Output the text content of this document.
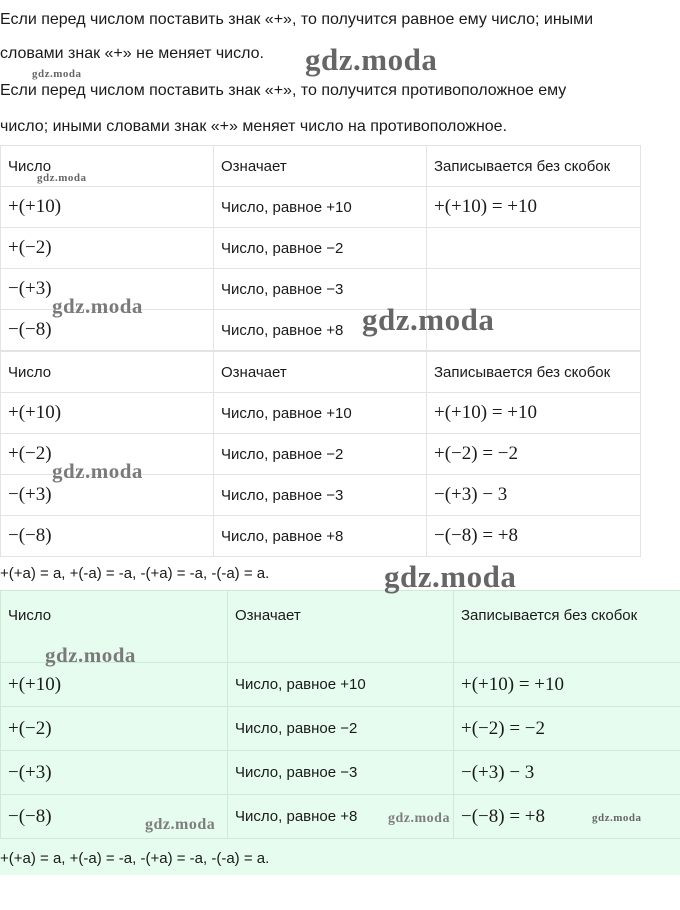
Если перед числом поставить знак «+», то получится равное ему число; иными

словами знак «+» не меняет число.

Если перед числом поставить знак «+», то получится противоположное ему

число; иными словами знак «+» меняет число на противоположное.

Число	Означает	Записывается без скобок
+(+10)	Число, равное +10	+(+10) = +10
+(−2)	Число, равное −2	
−(+3)	Число, равное −3	
−(−8)	Число, равное +8	
Число	Означает	Записывается без скобок
+(+10)	Число, равное +10	+(+10) = +10
+(−2)	Число, равное −2	+(−2) = −2
−(+3)	Число, равное −3	−(+3) − 3
−(−8)	Число, равное +8	−(−8) = +8

+(+a) = a, +(-a) = -a, -(+a) = -a, -(-a) = a.

Число	Означает	Записывается без скобок
+(+10)	Число, равное +10	+(+10) = +10
+(−2)	Число, равное −2	+(−2) = −2
−(+3)	Число, равное −3	−(+3) − 3
−(−8)	Число, равное +8	−(−8) = +8

+(+a) = a, +(-a) = -a, -(+a) = -a, -(-a) = a.

gdz.moda
gdz.moda
gdz.moda
gdz.moda	gdz.moda
gdz.moda
gdz.moda
gdz.moda
gdz.moda	gdz.moda	gdz.moda
